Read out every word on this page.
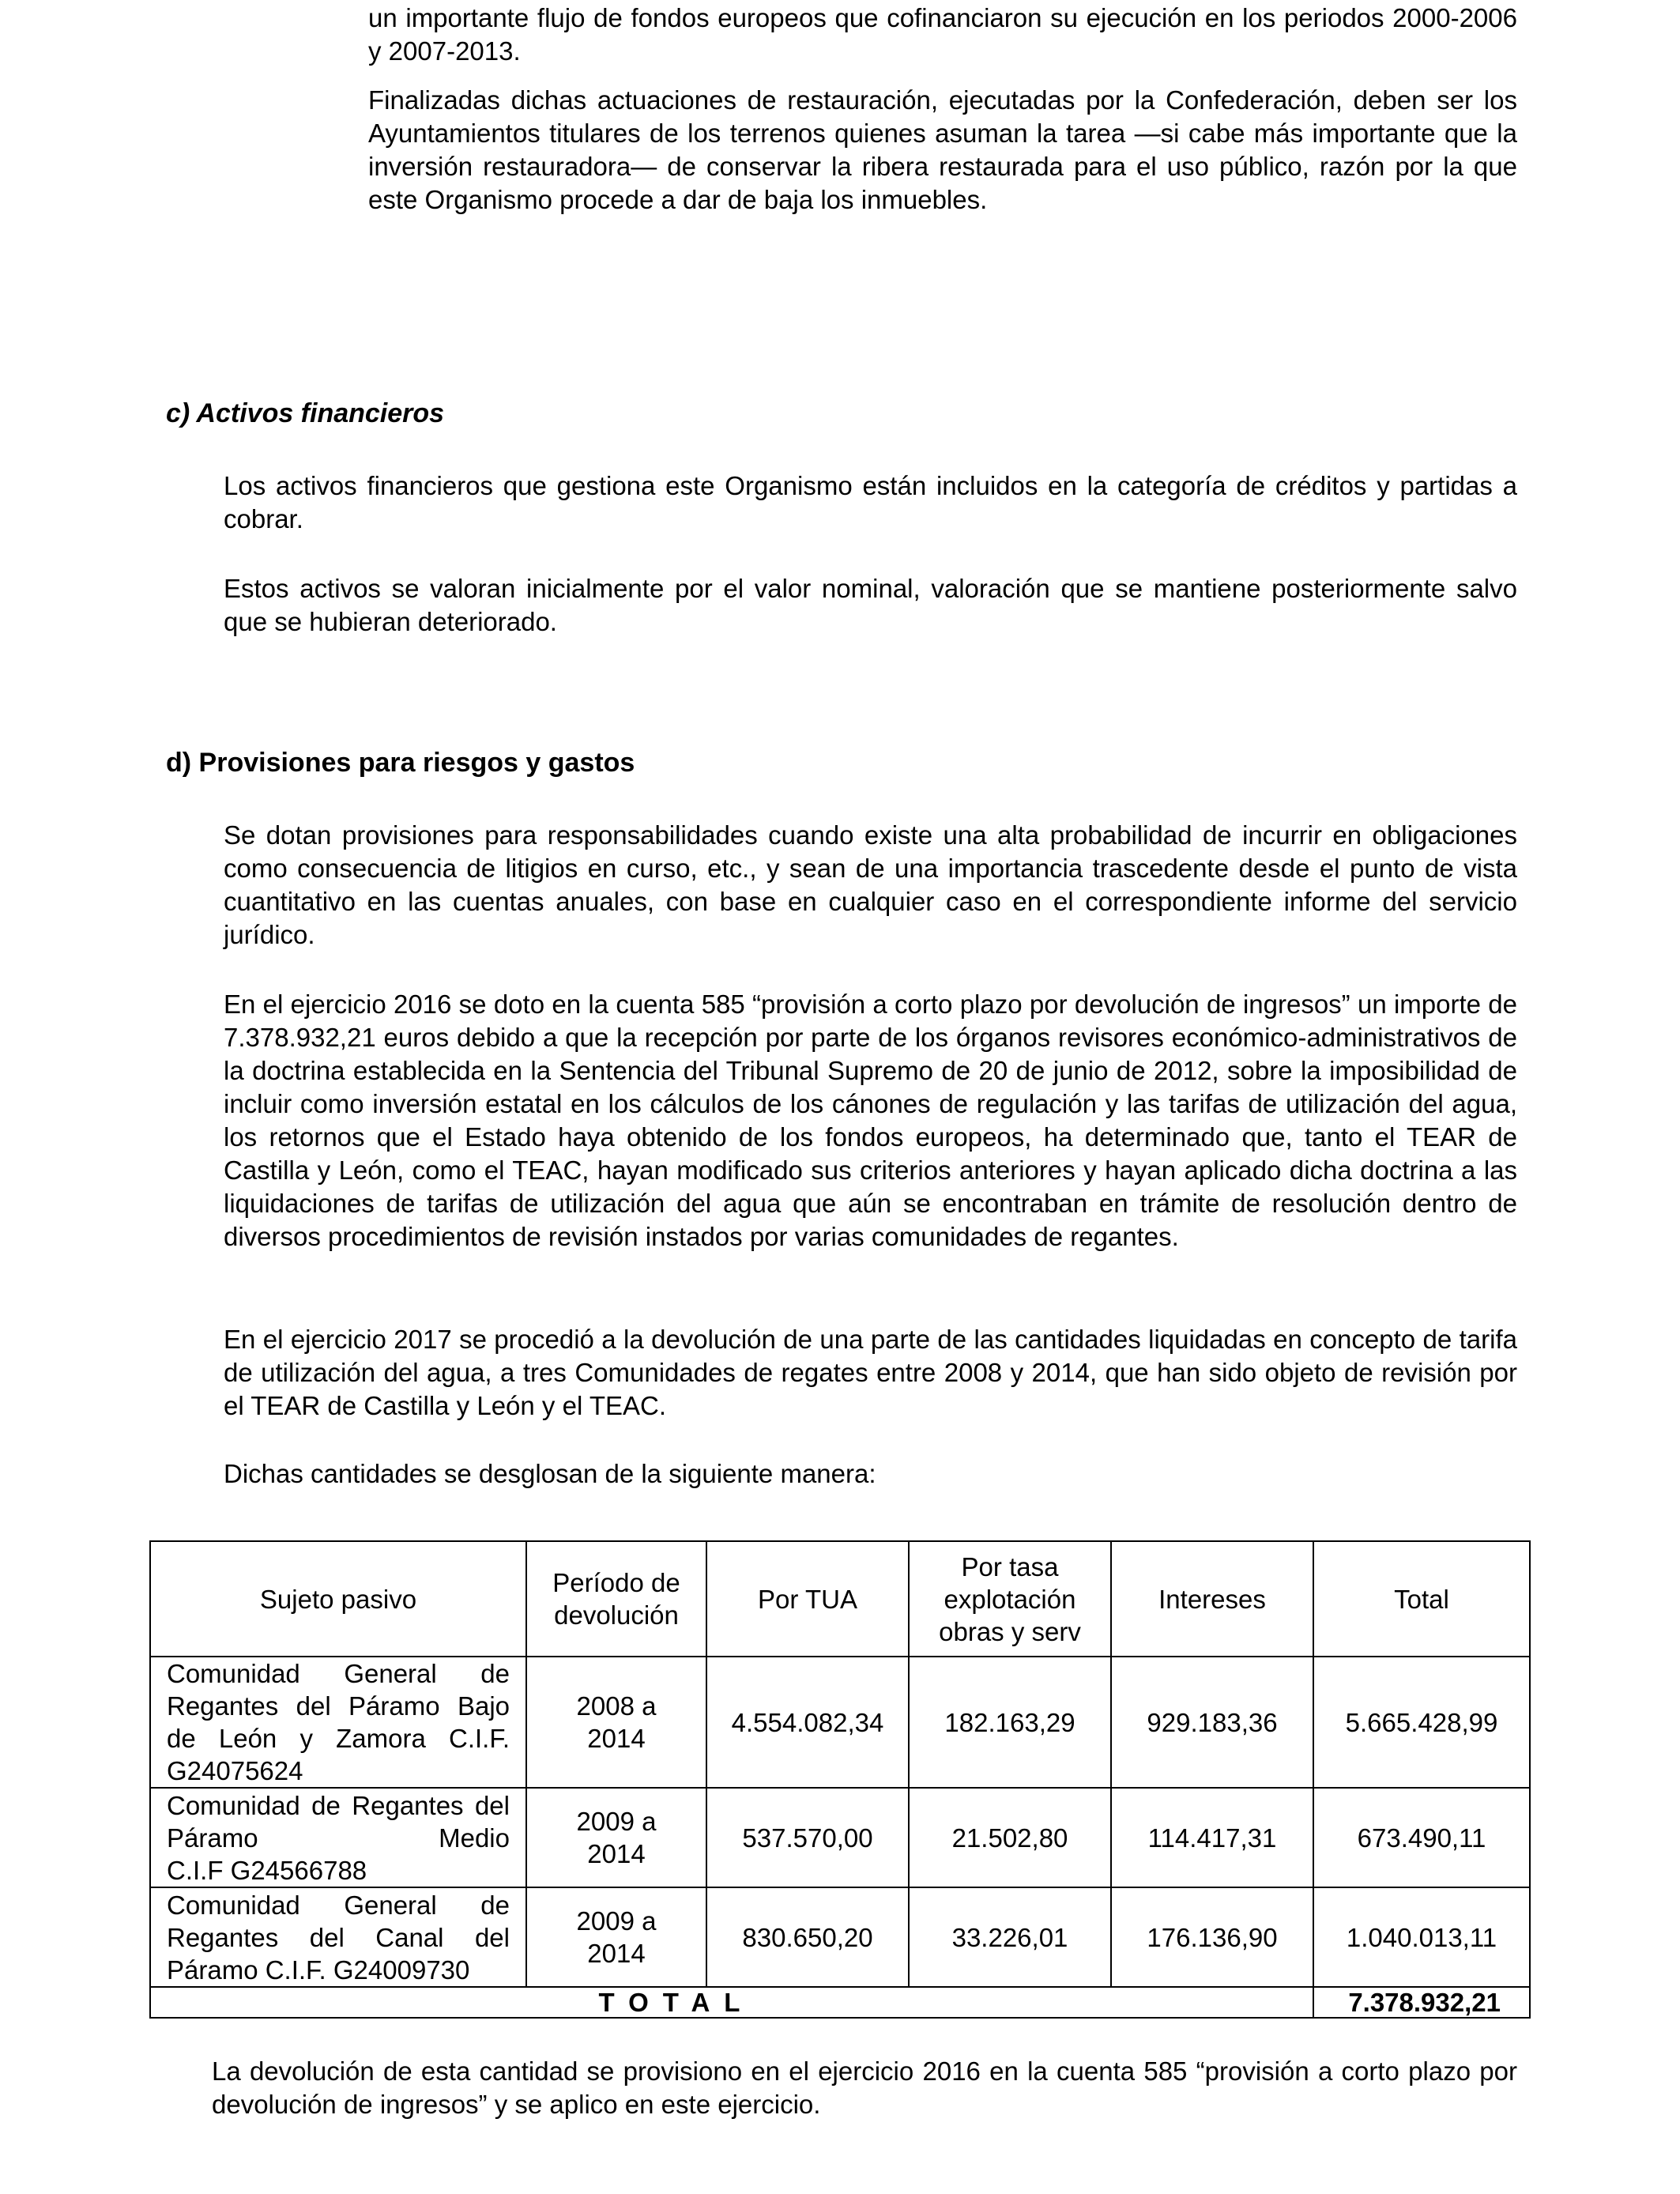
un importante flujo de fondos europeos que cofinanciaron su ejecución en los periodos 2000-2006 y 2007-2013.

Finalizadas dichas actuaciones de restauración, ejecutadas por la Confederación, deben ser los Ayuntamientos titulares de los terrenos quienes asuman la tarea —si cabe más importante que la inversión restauradora— de conservar la ribera restaurada para el uso público, razón por la que este Organismo procede a dar de baja los inmuebles.

c) Activos financieros

Los activos financieros que gestiona este Organismo están incluidos en la categoría de créditos y partidas a cobrar.

Estos activos se valoran inicialmente por el valor nominal, valoración que se mantiene posteriormente salvo que se hubieran deteriorado.

d) Provisiones para riesgos y gastos

Se dotan provisiones para responsabilidades cuando existe una alta probabilidad de incurrir en obligaciones como consecuencia de litigios en curso, etc., y sean de una importancia trascedente desde el punto de vista cuantitativo en las cuentas anuales, con base en cualquier caso en el correspondiente informe del servicio jurídico.

En el ejercicio 2016 se doto en la cuenta 585 “provisión a corto plazo por devolución de ingresos” un importe de 7.378.932,21 euros debido a que la recepción por parte de los órganos revisores económico-administrativos de la doctrina establecida en la Sentencia del Tribunal Supremo de 20 de junio de 2012, sobre la imposibilidad de incluir como inversión estatal en los cálculos de los cánones de regulación y las tarifas de utilización del agua, los retornos que el Estado haya obtenido de los fondos europeos, ha determinado que, tanto el TEAR de Castilla y León, como el TEAC, hayan modificado sus criterios anteriores y hayan aplicado dicha doctrina a las liquidaciones de tarifas de utilización del agua que aún se encontraban en trámite de resolución dentro de diversos procedimientos de revisión instados por varias comunidades de regantes.

En el ejercicio 2017 se procedió a la devolución de una parte de las cantidades liquidadas en concepto de tarifa de utilización del agua, a tres Comunidades de regates entre 2008 y 2014, que han sido objeto de revisión por el TEAR de Castilla y León y el TEAC.

Dichas cantidades se desglosan de la siguiente manera:

Sujeto pasivo	Período de devolución	Por TUA	Por tasa explotación obras y serv	Intereses	Total
Comunidad General de Regantes del Páramo Bajo de León y Zamora C.I.F.
G24075624	2008 a 2014	4.554.082,34	182.163,29	929.183,36	5.665.428,99
Comunidad de Regantes del Páramo Medio
C.I.F G24566788	2009 a 2014	537.570,00	21.502,80	114.417,31	673.490,11
Comunidad General de Regantes del Canal del
Páramo C.I.F. G24009730	2009 a 2014	830.650,20	33.226,01	176.136,90	1.040.013,11
TOTAL					7.378.932,21

La devolución de esta cantidad se provisiono en el ejercicio 2016 en la cuenta 585 “provisión a corto plazo por devolución de ingresos” y se aplico en este ejercicio.
